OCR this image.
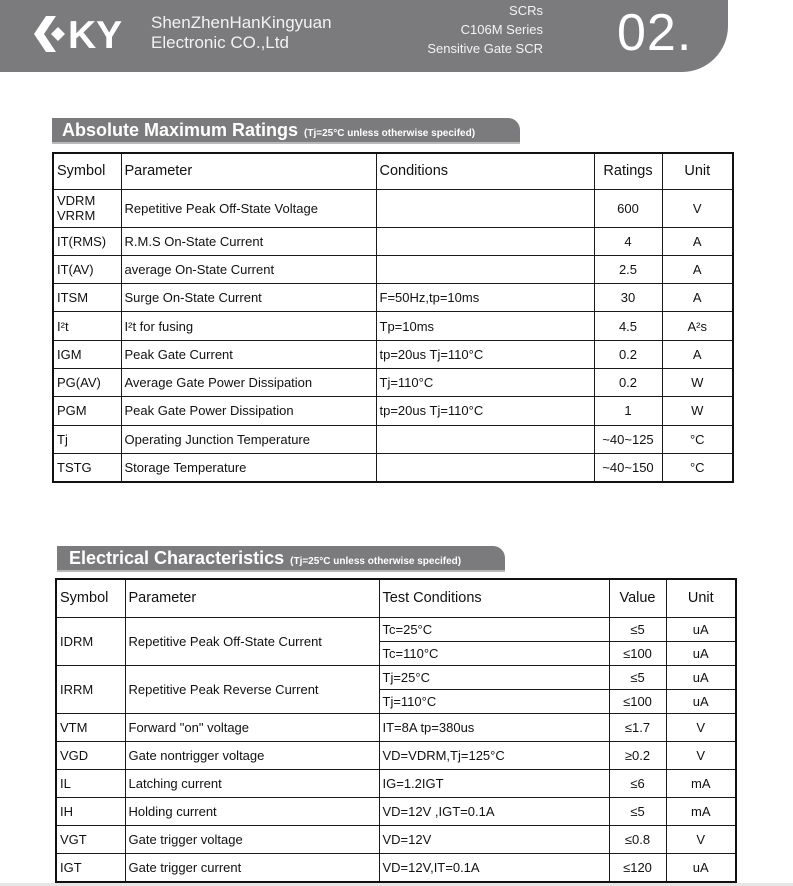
KY ShenZhenHanKingyuan
Electronic CO.,Ltd
SCRs
C106M Series
Sensitive Gate SCR 02.
Absolute Maximum Ratings (Tj=25°C unless otherwise specifed)
Symbol	Parameter	Conditions	Ratings	Unit
VDRM
VRRM	Repetitive Peak Off-State Voltage		600	V
IT(RMS)	R.M.S On-State Current		4	A
IT(AV)	average On-State Current		2.5	A
ITSM	Surge On-State Current	F=50Hz,tp=10ms	30	A
I²t	I²t for fusing	Tp=10ms	4.5	A²s
IGM	Peak Gate Current	tp=20us Tj=110°C	0.2	A
PG(AV)	Average Gate Power Dissipation	Tj=110°C	0.2	W
PGM	Peak Gate Power Dissipation	tp=20us Tj=110°C	1	W
Tj	Operating Junction Temperature		~40~125	°C
TSTG	Storage Temperature		~40~150	°C
Electrical Characteristics (Tj=25°C unless otherwise specifed)
Symbol	Parameter	Test Conditions	Value	Unit
IDRM	Repetitive Peak Off-State Current	Tc=25°C	≤5	uA
		Tc=110°C	≤100	uA
IRRM	Repetitive Peak Reverse Current	Tj=25°C	≤5	uA
		Tj=110°C	≤100	uA
VTM	Forward "on" voltage	IT=8A tp=380us	≤1.7	V
VGD	Gate nontrigger voltage	VD=VDRM,Tj=125°C	≥0.2	V
IL	Latching current	IG=1.2IGT	≤6	mA
IH	Holding current	VD=12V ,IGT=0.1A	≤5	mA
VGT	Gate trigger voltage	VD=12V	≤0.8	V
IGT	Gate trigger current	VD=12V,IT=0.1A	≤120	uA
